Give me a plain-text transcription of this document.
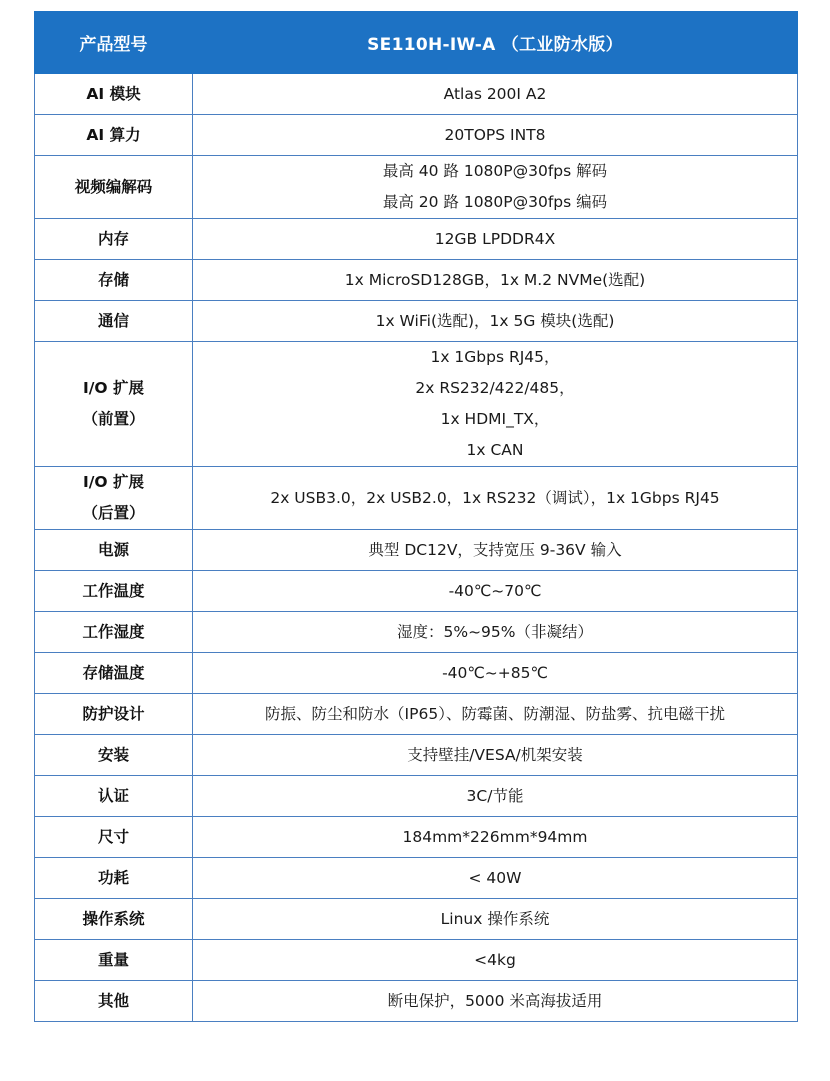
产品型号	SE110H-IW-A （工业防水版）

AI 模块	Atlas 200I A2

AI 算力	20TOPS INT8

视频编解码	最高 40 路 1080P@30fps 解码
最高 20 路 1080P@30fps 编码

内存	12GB LPDDR4X

存储	1x MicroSD128GB，1x M.2 NVMe(选配)

通信	1x WiFi(选配)，1x 5G 模块(选配)

I/O 扩展
（前置）	1x 1Gbps RJ45，
2x RS232/422/485，
1x HDMI_TX，
1x CAN

I/O 扩展
（后置）	2x USB3.0，2x USB2.0，1x RS232（调试），1x 1Gbps RJ45

电源	典型 DC12V，支持宽压 9-36V 输入

工作温度	-40℃~70℃

工作湿度	湿度：5%~95%（非凝结）

存储温度	-40℃~+85℃

防护设计	防振、防尘和防水（IP65）、防霉菌、防潮湿、防盐雾、抗电磁干扰

安装	支持壁挂/VESA/机架安装

认证	3C/节能

尺寸	184mm*226mm*94mm

功耗	< 40W

操作系统	Linux 操作系统

重量	<4kg

其他	断电保护，5000 米高海拔适用
